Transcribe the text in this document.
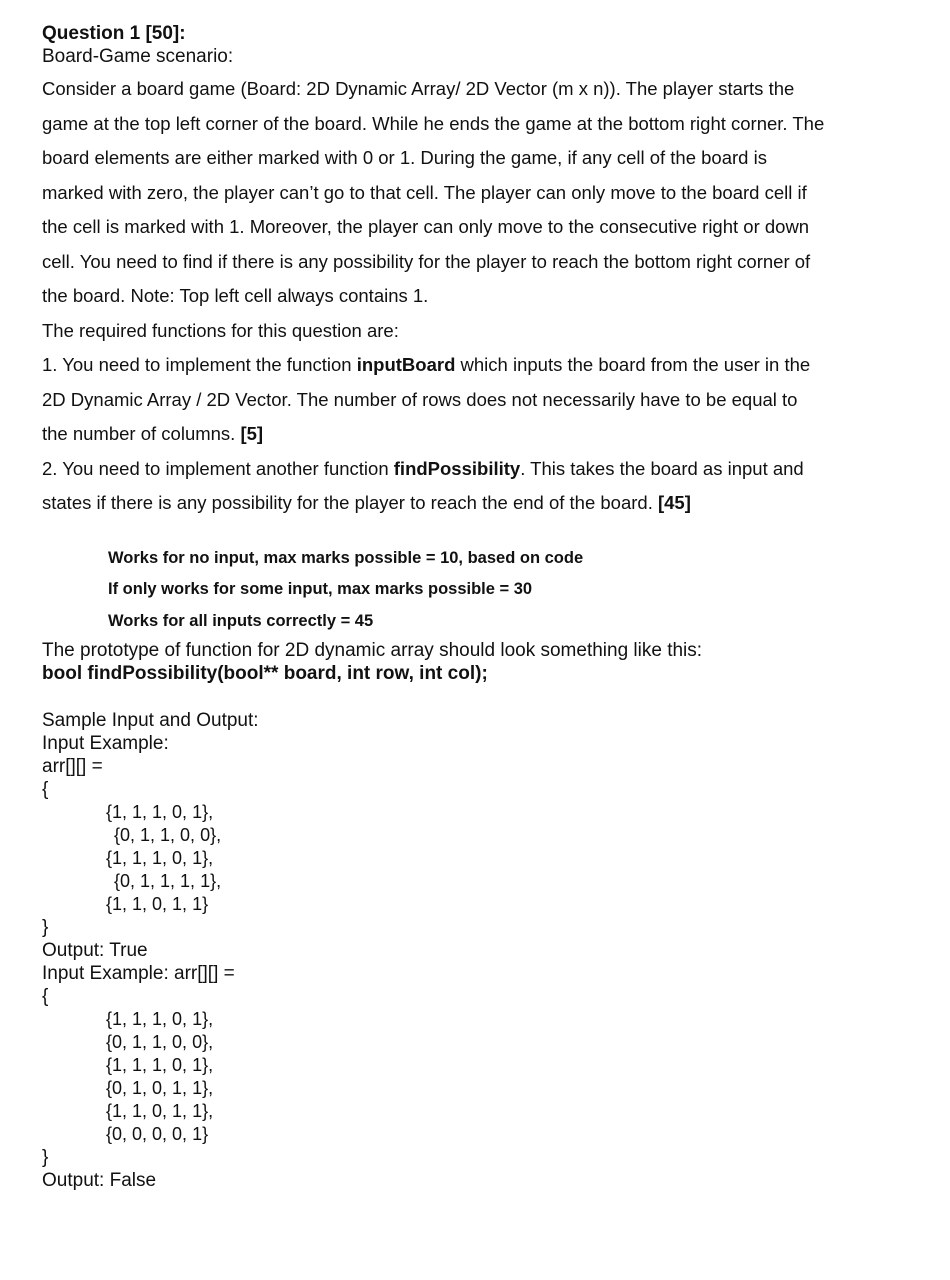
Question 1 [50]:
Board-Game scenario:
Consider a board game (Board: 2D Dynamic Array/ 2D Vector (m x n)). The player starts the
game at the top left corner of the board. While he ends the game at the bottom right corner. The
board elements are either marked with 0 or 1. During the game, if any cell of the board is
marked with zero, the player can’t go to that cell. The player can only move to the board cell if
the cell is marked with 1. Moreover, the player can only move to the consecutive right or down
cell. You need to find if there is any possibility for the player to reach the bottom right corner of
the board. Note: Top left cell always contains 1.
The required functions for this question are:
1. You need to implement the function inputBoard which inputs the board from the user in the
2D Dynamic Array / 2D Vector. The number of rows does not necessarily have to be equal to
the number of columns. [5]
2. You need to implement another function findPossibility. This takes the board as input and
states if there is any possibility for the player to reach the end of the board. [45]
Works for no input, max marks possible = 10, based on code
If only works for some input, max marks possible = 30
Works for all inputs correctly = 45
The prototype of function for 2D dynamic array should look something like this:
bool findPossibility(bool** board, int row, int col);
Sample Input and Output:
Input Example:
arr[][] =
{
{1, 1, 1, 0, 1},
{0, 1, 1, 0, 0},
{1, 1, 1, 0, 1},
{0, 1, 1, 1, 1},
{1, 1, 0, 1, 1}
}
Output: True
Input Example: arr[][] =
{
{1, 1, 1, 0, 1},
{0, 1, 1, 0, 0},
{1, 1, 1, 0, 1},
{0, 1, 0, 1, 1},
{1, 1, 0, 1, 1},
{0, 0, 0, 0, 1}
}
Output: False
